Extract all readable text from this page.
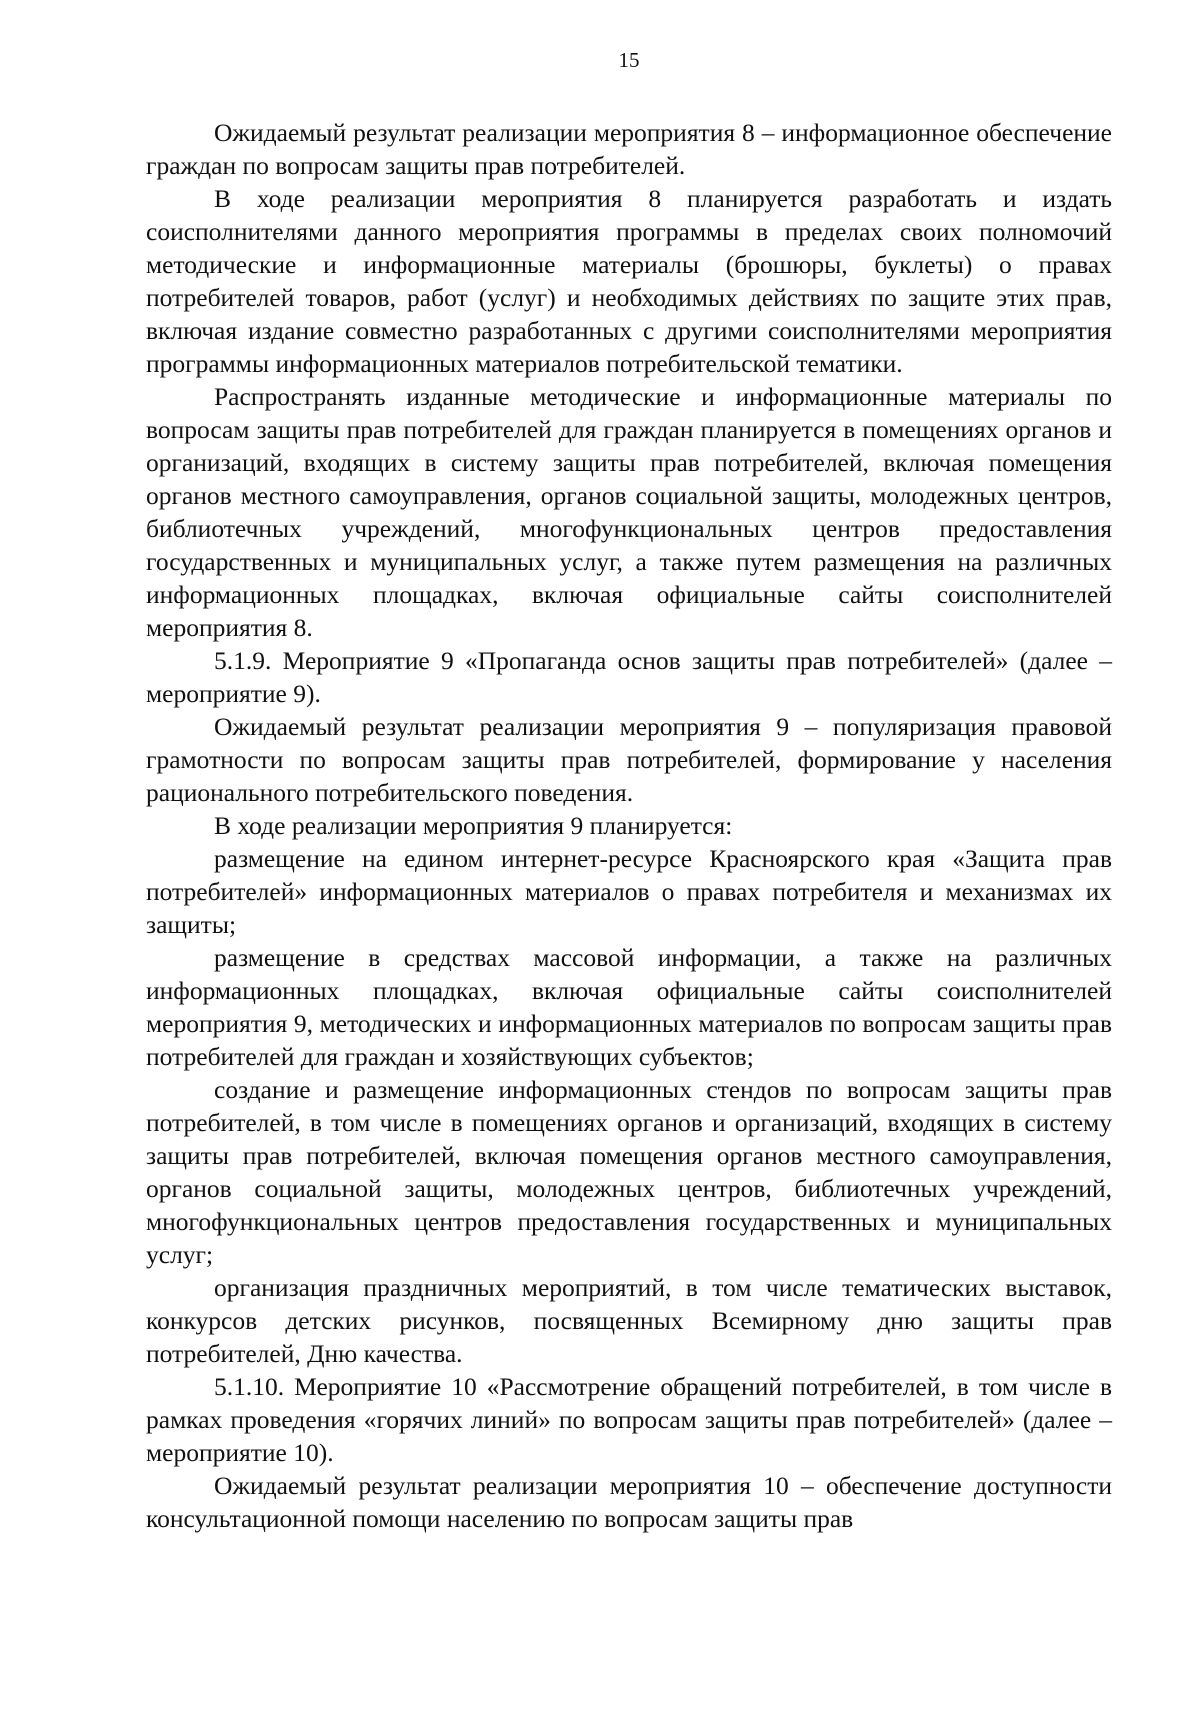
15

Ожидаемый результат реализации мероприятия 8 – информационное обеспечение граждан по вопросам защиты прав потребителей.

В ходе реализации мероприятия 8 планируется разработать и издать соисполнителями данного мероприятия программы в пределах своих полномочий методические и информационные материалы (брошюры, буклеты) о правах потребителей товаров, работ (услуг) и необходимых действиях по защите этих прав, включая издание совместно разработанных с другими соисполнителями мероприятия программы информационных материалов потребительской тематики.

Распространять изданные методические и информационные материалы по вопросам защиты прав потребителей для граждан планируется в помещениях органов и организаций, входящих в систему защиты прав потребителей, включая помещения органов местного самоуправления, органов социальной защиты, молодежных центров, библиотечных учреждений, многофункциональных центров предоставления государственных и муниципальных услуг, а также путем размещения на различных информационных площадках, включая официальные сайты соисполнителей мероприятия 8.

5.1.9. Мероприятие 9 «Пропаганда основ защиты прав потребителей» (далее – мероприятие 9).

Ожидаемый результат реализации мероприятия 9 – популяризация правовой грамотности по вопросам защиты прав потребителей, формирование у населения рационального потребительского поведения.

В ходе реализации мероприятия 9 планируется:

размещение на едином интернет-ресурсе Красноярского края «Защита прав потребителей» информационных материалов о правах потребителя и механизмах их защиты;

размещение в средствах массовой информации, а также на различных информационных площадках, включая официальные сайты соисполнителей мероприятия 9, методических и информационных материалов по вопросам защиты прав потребителей для граждан и хозяйствующих субъектов;

создание и размещение информационных стендов по вопросам защиты прав потребителей, в том числе в помещениях органов и организаций, входящих в систему защиты прав потребителей, включая помещения органов местного самоуправления, органов социальной защиты, молодежных центров, библиотечных учреждений, многофункциональных центров предоставления государственных и муниципальных услуг;

организация праздничных мероприятий, в том числе тематических выставок, конкурсов детских рисунков, посвященных Всемирному дню защиты прав потребителей, Дню качества.

5.1.10. Мероприятие 10 «Рассмотрение обращений потребителей, в том числе в рамках проведения «горячих линий» по вопросам защиты прав потребителей» (далее – мероприятие 10).

Ожидаемый результат реализации мероприятия 10 – обеспечение доступности консультационной помощи населению по вопросам защиты прав
